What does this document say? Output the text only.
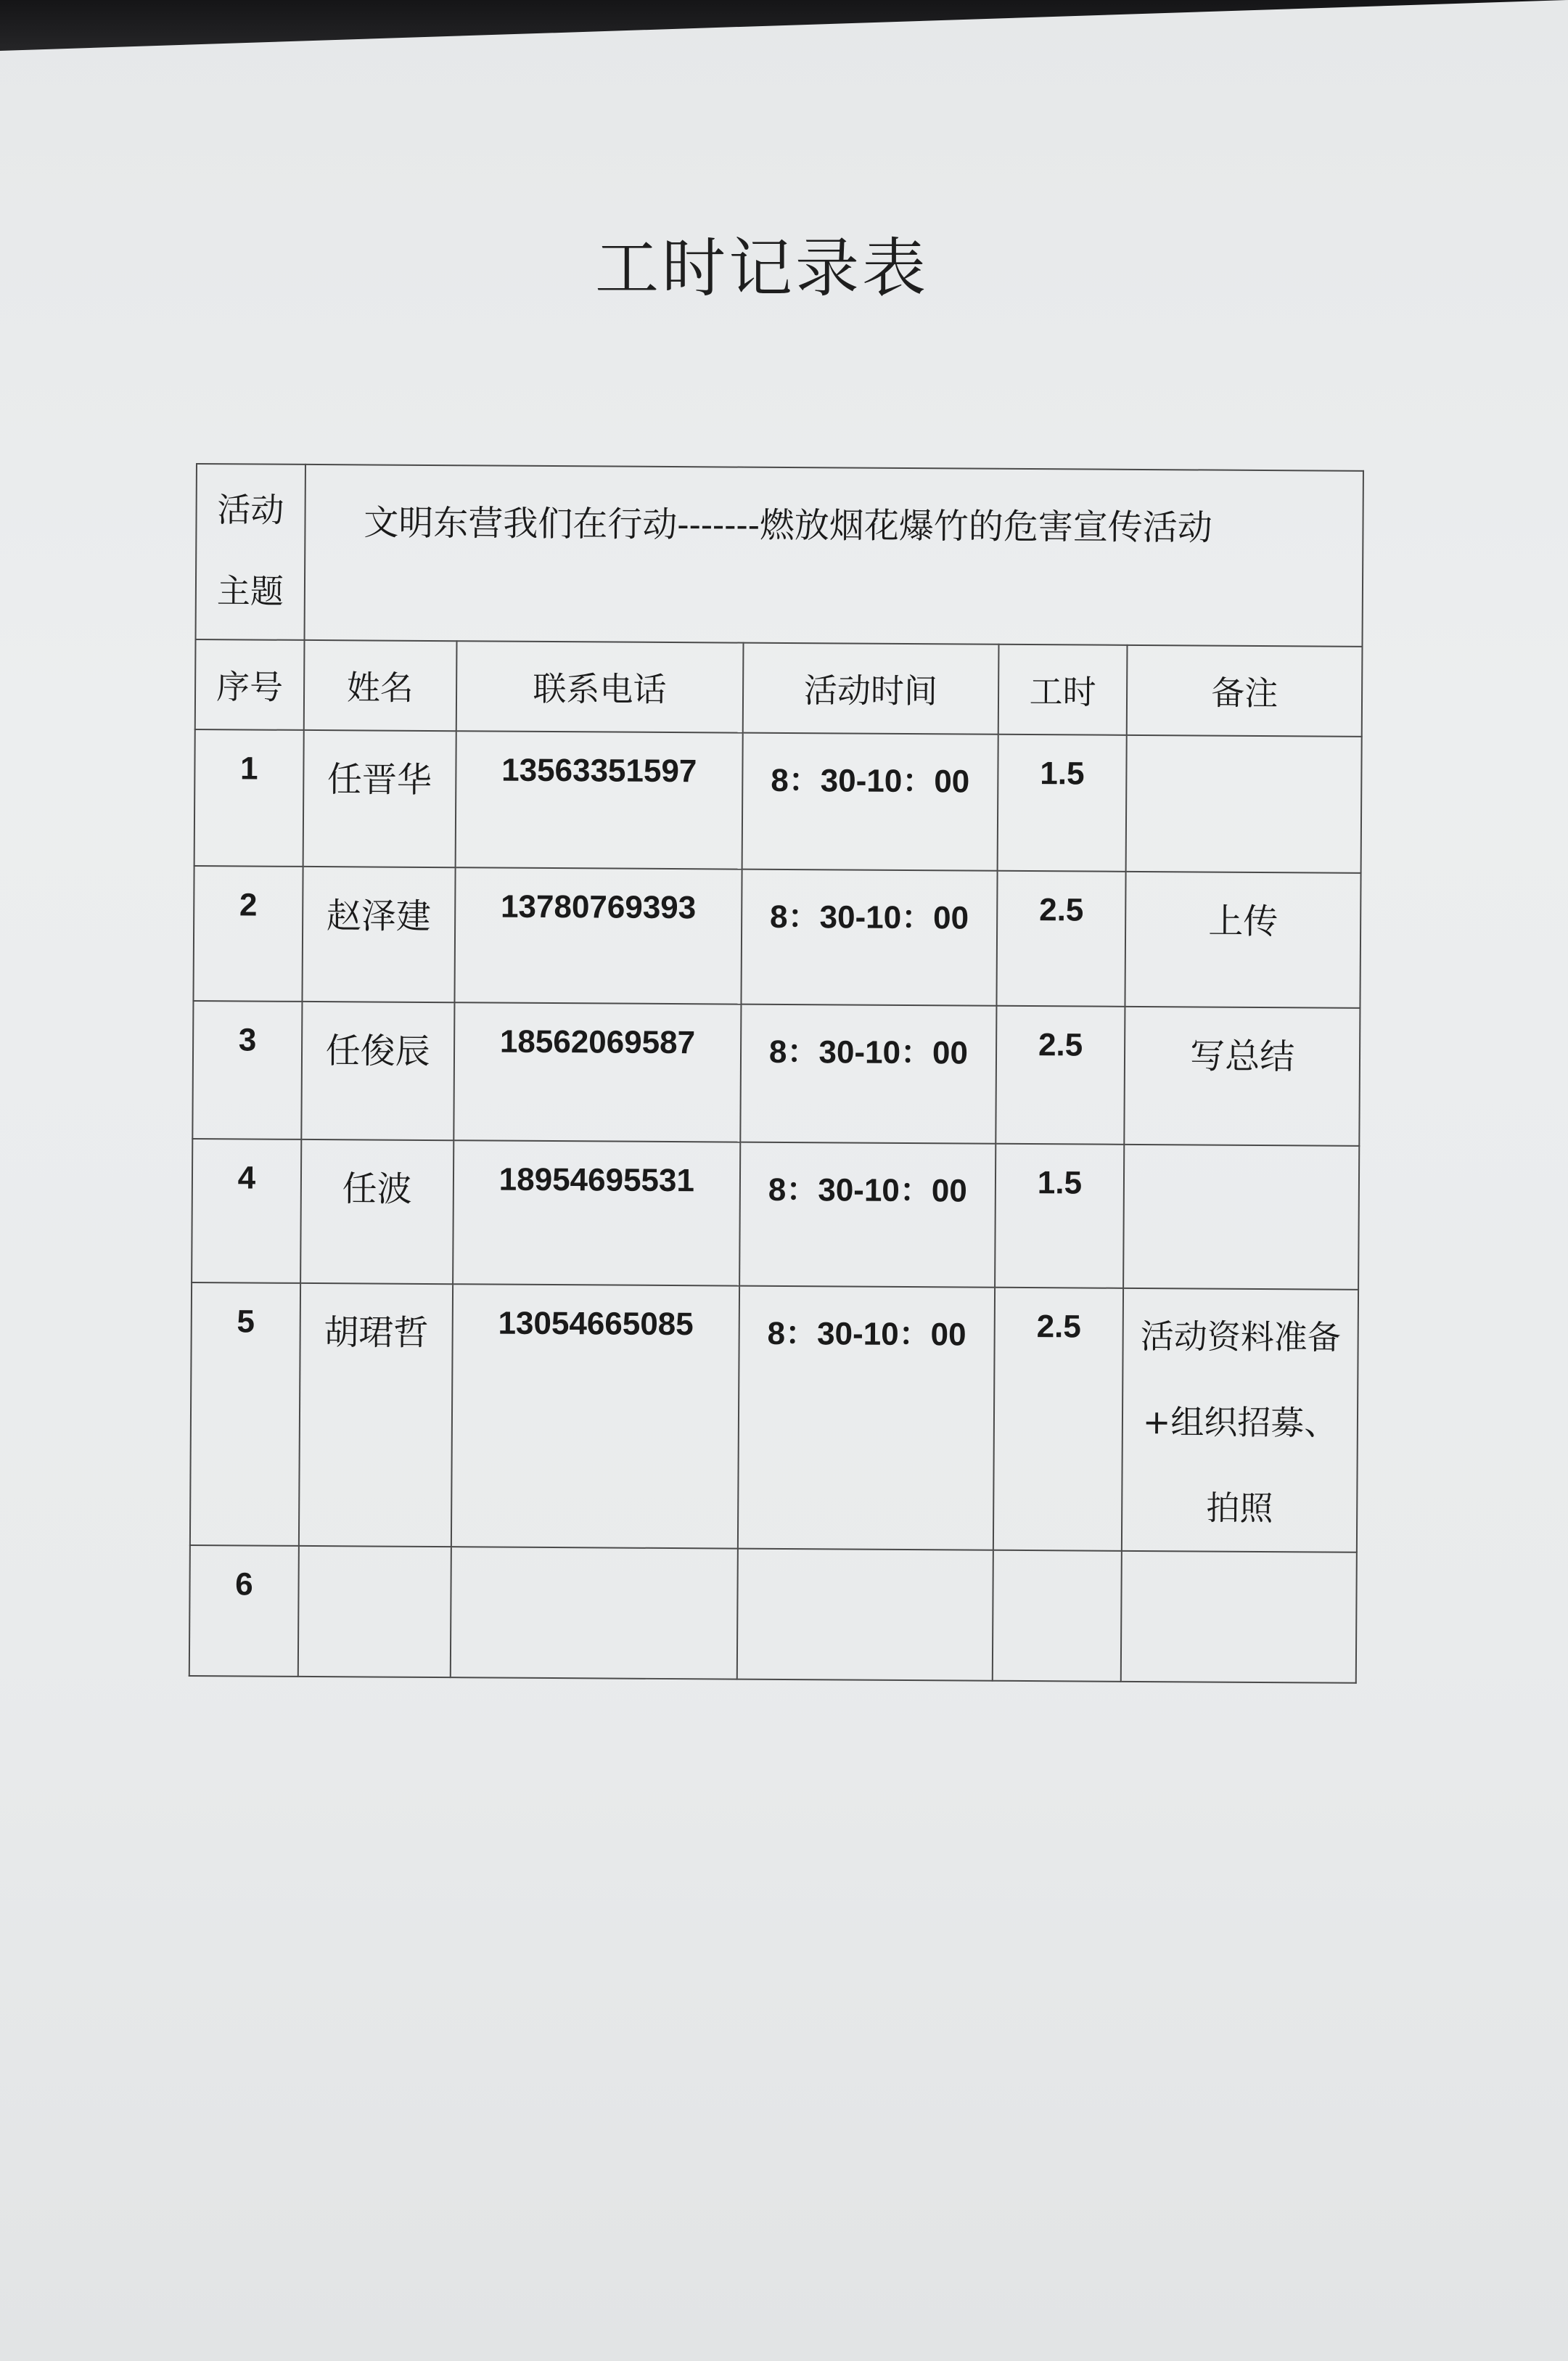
工时记录表
活动主题	文明东营我们在行动-------燃放烟花爆竹的危害宣传活动				
序号	姓名	联系电话	活动时间	工时	备注
1	任晋华	13563351597	8：30-10：00	1.5	
2	赵泽建	13780769393	8：30-10：00	2.5	上传
3	任俊辰	18562069587	8：30-10：00	2.5	写总结
4	任波	18954695531	8：30-10：00	1.5	
5	胡珺哲	13054665085	8：30-10：00	2.5	活动资料准备+组织招募、拍照
6					
